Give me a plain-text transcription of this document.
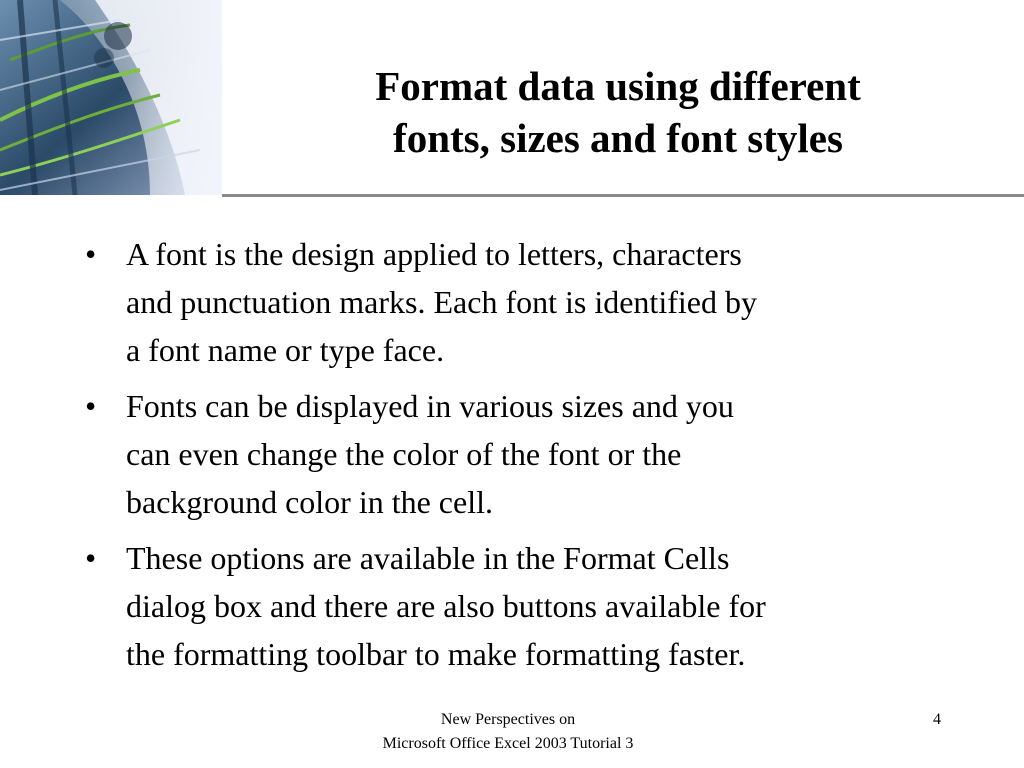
Format data using different
fonts, sizes and font styles
• A font is the design applied to letters, characters
and punctuation marks. Each font is identified by
a font name or type face.
• Fonts can be displayed in various sizes and you
can even change the color of the font or the
background color in the cell.
• These options are available in the Format Cells
dialog box and there are also buttons available for
the formatting toolbar to make formatting faster.
New Perspectives on
Microsoft Office Excel 2003 Tutorial 3
4
